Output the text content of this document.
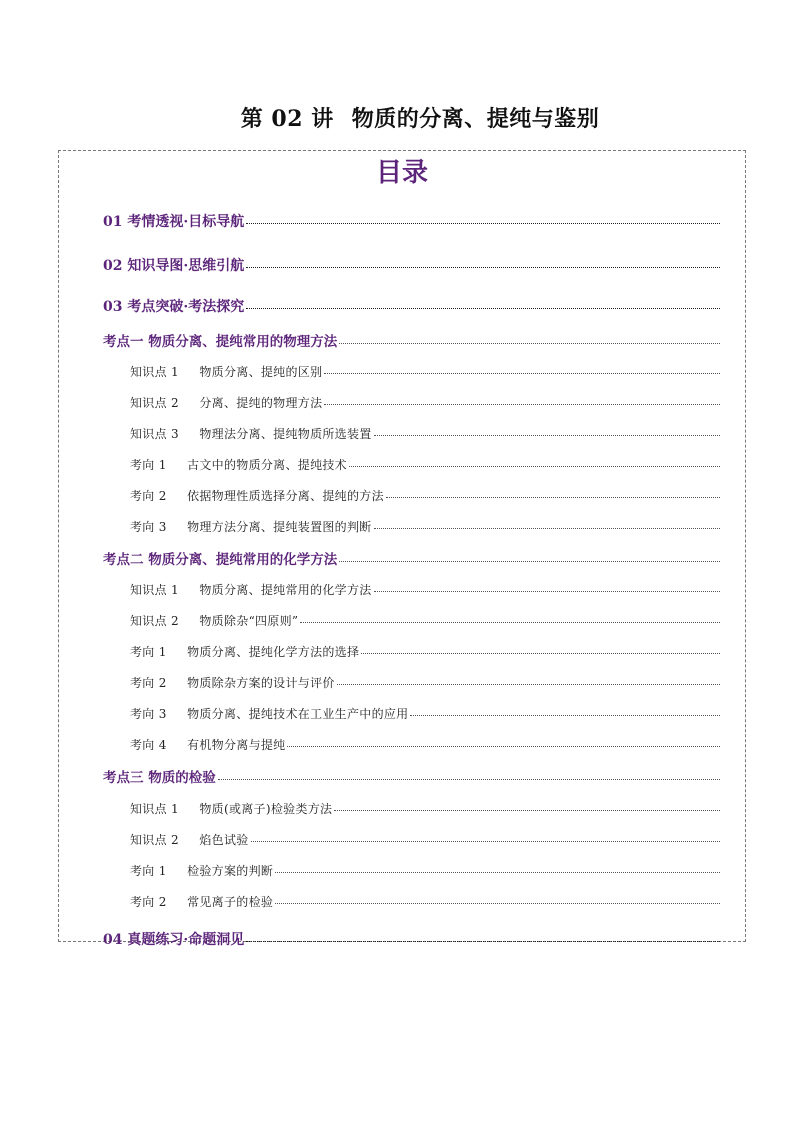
第 02 讲 物质的分离、提纯与鉴别
目录
01 考情透视·目标导航
02 知识导图·思维引航
03 考点突破·考法探究
考点一 物质分离、提纯常用的物理方法
知识点 1 物质分离、提纯的区别
知识点 2 分离、提纯的物理方法
知识点 3 物理法分离、提纯物质所选装置
考向 1 古文中的物质分离、提纯技术
考向 2 依据物理性质选择分离、提纯的方法
考向 3 物理方法分离、提纯装置图的判断
考点二 物质分离、提纯常用的化学方法
知识点 1 物质分离、提纯常用的化学方法
知识点 2 物质除杂“四原则”
考向 1 物质分离、提纯化学方法的选择
考向 2 物质除杂方案的设计与评价
考向 3 物质分离、提纯技术在工业生产中的应用
考向 4 有机物分离与提纯
考点三 物质的检验
知识点 1 物质(或离子)检验类方法
知识点 2 焰色试验
考向 1 检验方案的判断
考向 2 常见离子的检验
04 真题练习·命题洞见
